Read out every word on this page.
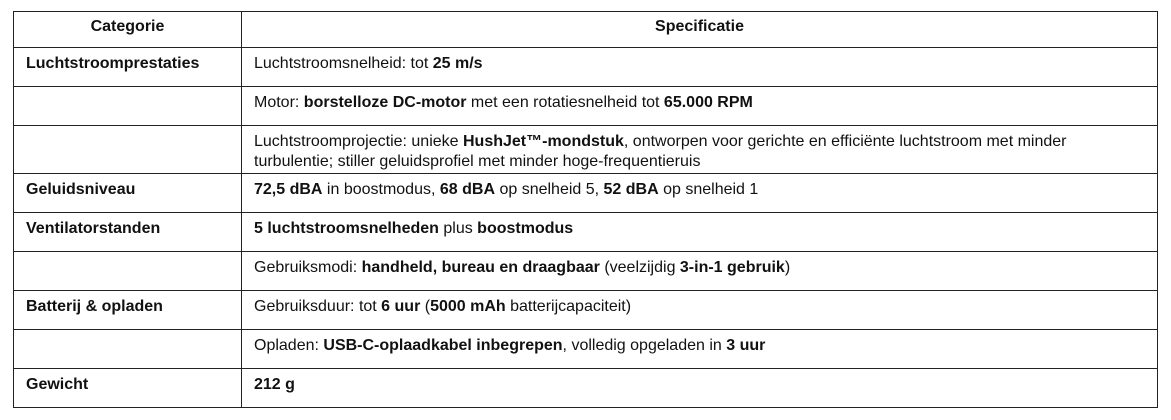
Categorie	Specificatie
Luchtstroomprestaties	Luchtstroomsnelheid: tot 25 m/s
	Motor: borstelloze DC-motor met een rotatiesnelheid tot 65.000 RPM
	Luchtstroomprojectie: unieke HushJet™-mondstuk, ontworpen voor gerichte en efficiënte luchtstroom met minder turbulentie; stiller geluidsprofiel met minder hoge-frequentieruis
Geluidsniveau	72,5 dBA in boostmodus, 68 dBA op snelheid 5, 52 dBA op snelheid 1
Ventilatorstanden	5 luchtstroomsnelheden plus boostmodus
	Gebruiksmodi: handheld, bureau en draagbaar (veelzijdig 3-in-1 gebruik)
Batterij & opladen	Gebruiksduur: tot 6 uur (5000 mAh batterijcapaciteit)
	Opladen: USB-C-oplaadkabel inbegrepen, volledig opgeladen in 3 uur
Gewicht	212 g
